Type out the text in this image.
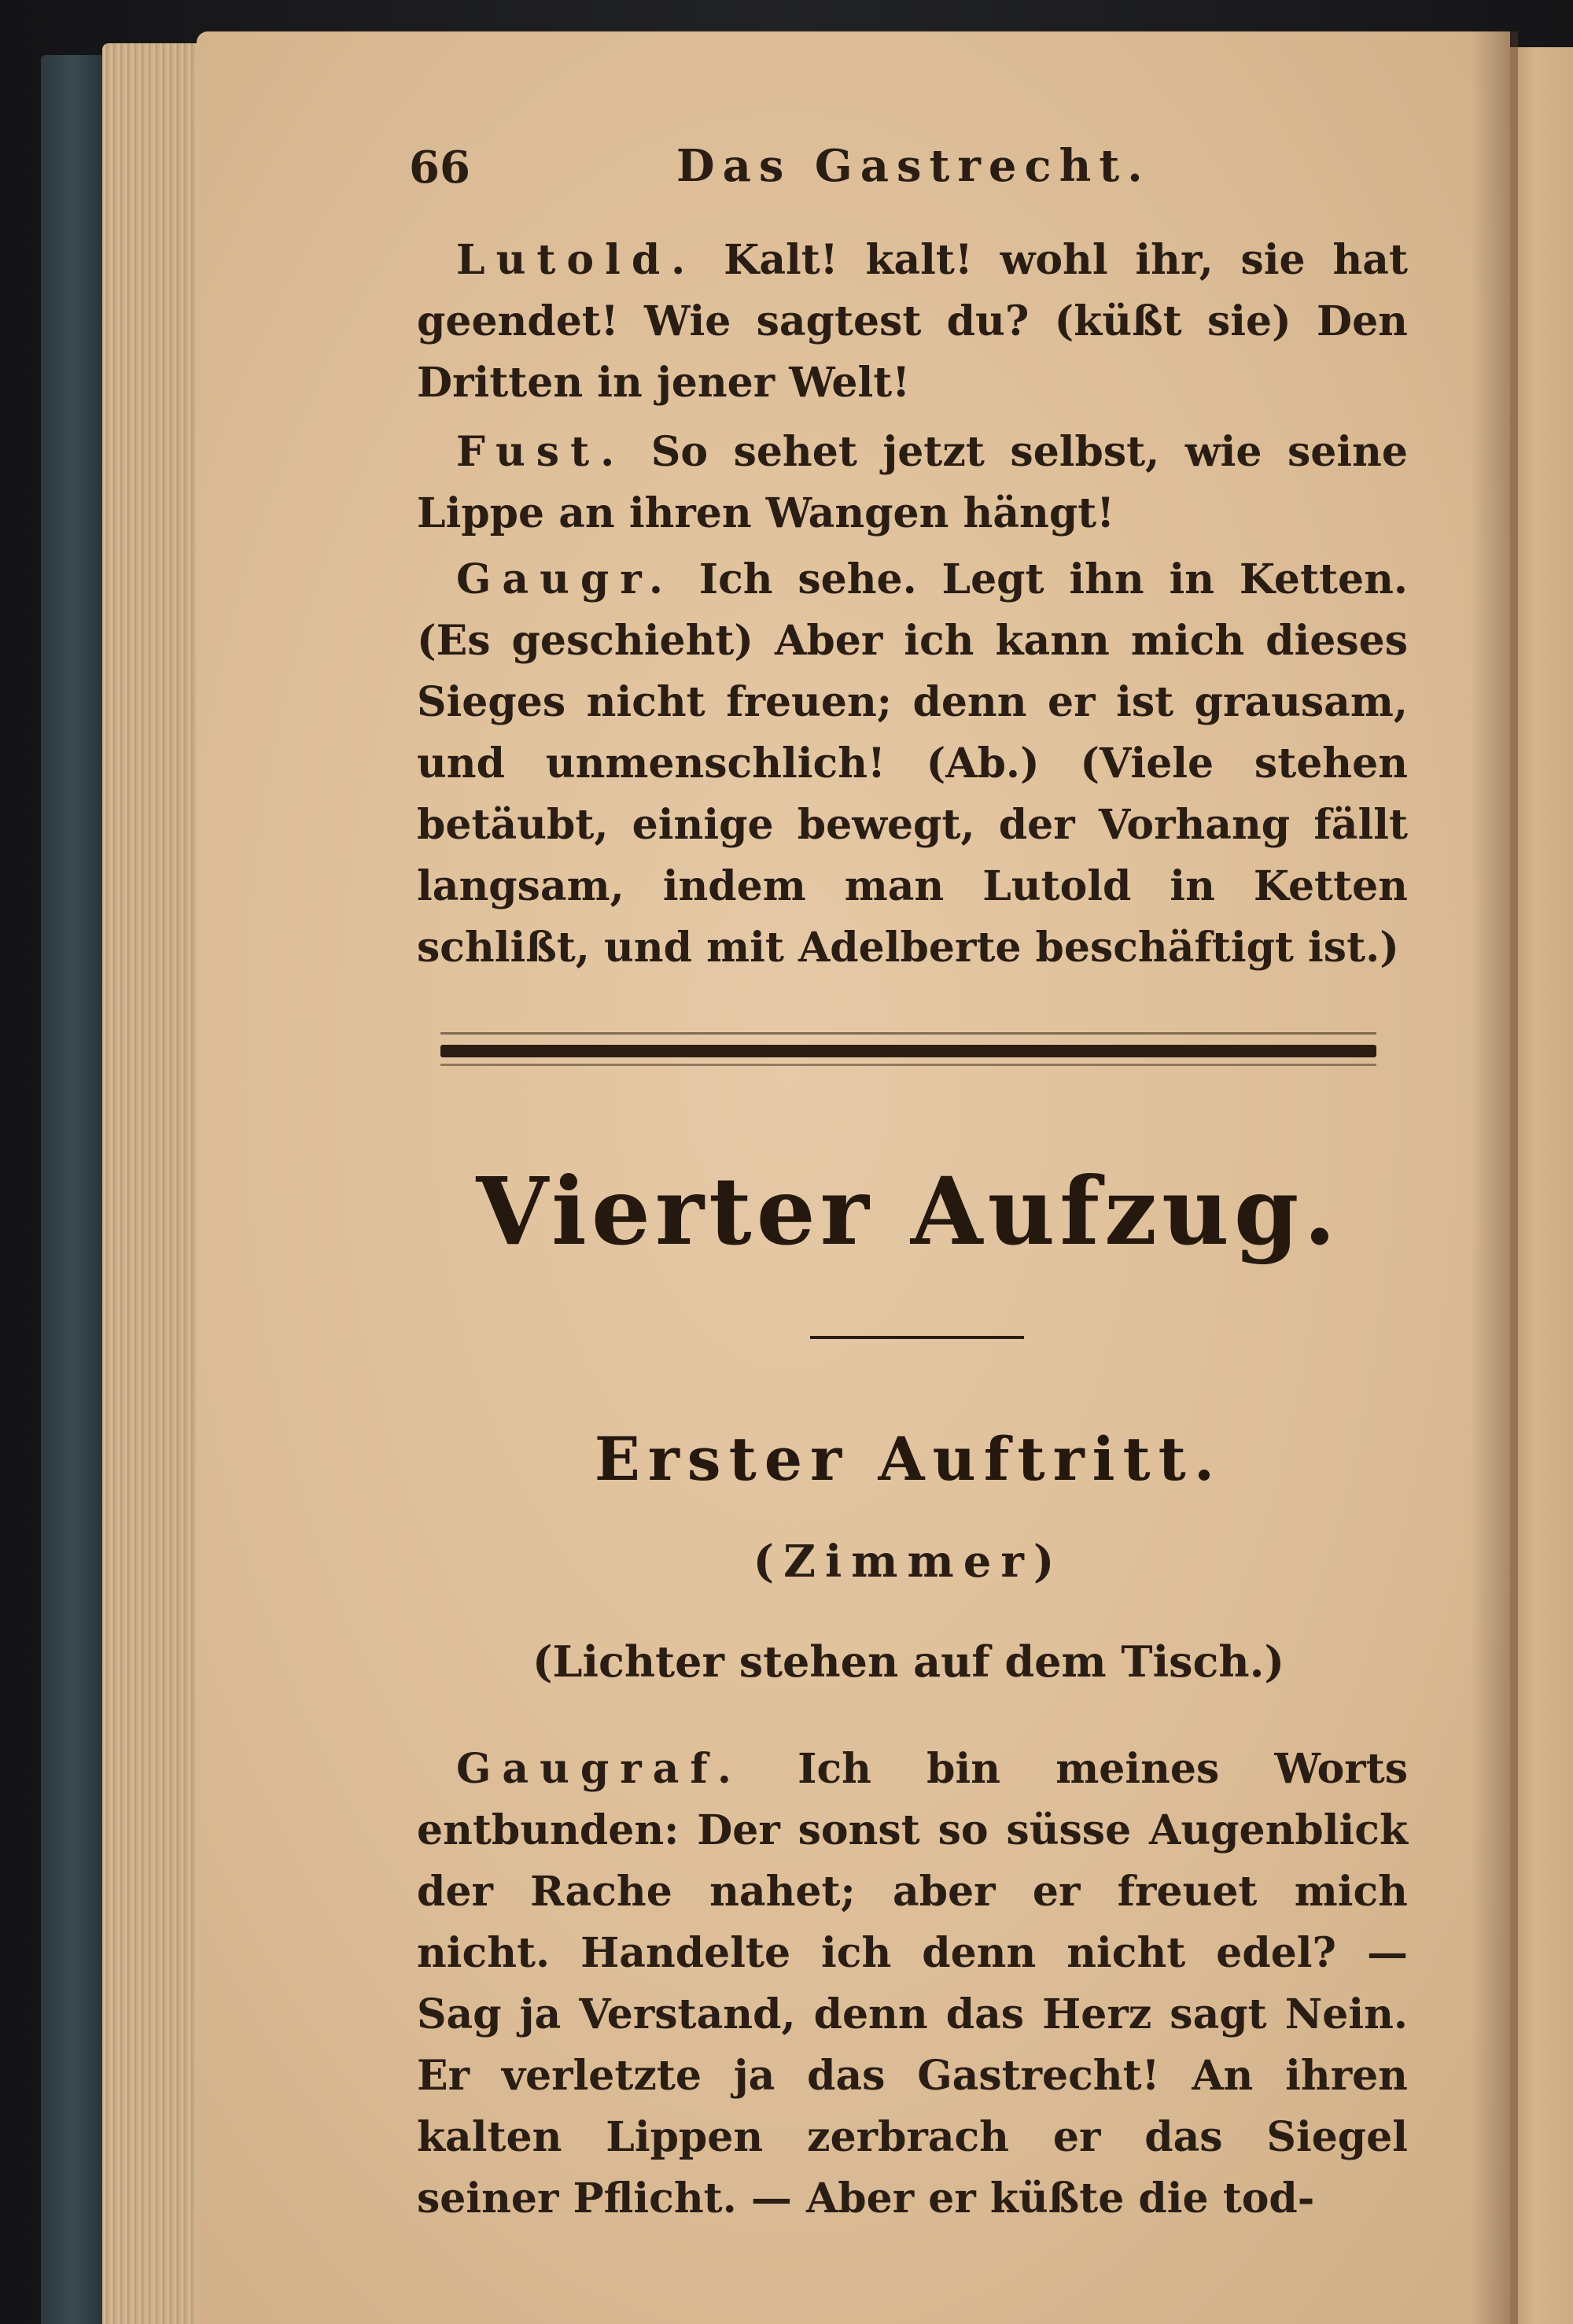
66	Das Gastrecht.

Lutold. Kalt! kalt! wohl ihr, sie hat geendet! Wie sagtest du? (küßt sie) Den Dritten in jener Welt!

Fust. So sehet jetzt selbst, wie seine Lippe an ihren Wangen hängt!

Gaugr. Ich sehe. Legt ihn in Ketten. (Es geschieht) Aber ich kann mich dieses Sieges nicht freuen; denn er ist grausam, und unmenschlich! (Ab.) (Viele stehen betäubt, einige bewegt, der Vorhang fällt langsam, indem man Lutold in Ketten schlißt, und mit Adelberte beschäftigt ist.)

Vierter Aufzug.
Erster Auftritt.
(Zimmer)
(Lichter stehen auf dem Tisch.)

Gaugraf. Ich bin meines Worts entbunden: Der sonst so süsse Augenblick der Rache nahet; aber er freuet mich nicht. Handelte ich denn nicht edel? — Sag ja Verstand, denn das Herz sagt Nein. Er verletzte ja das Gastrecht! An ihren kalten Lippen zerbrach er das Siegel seiner Pflicht. — Aber er küßte die tod-
